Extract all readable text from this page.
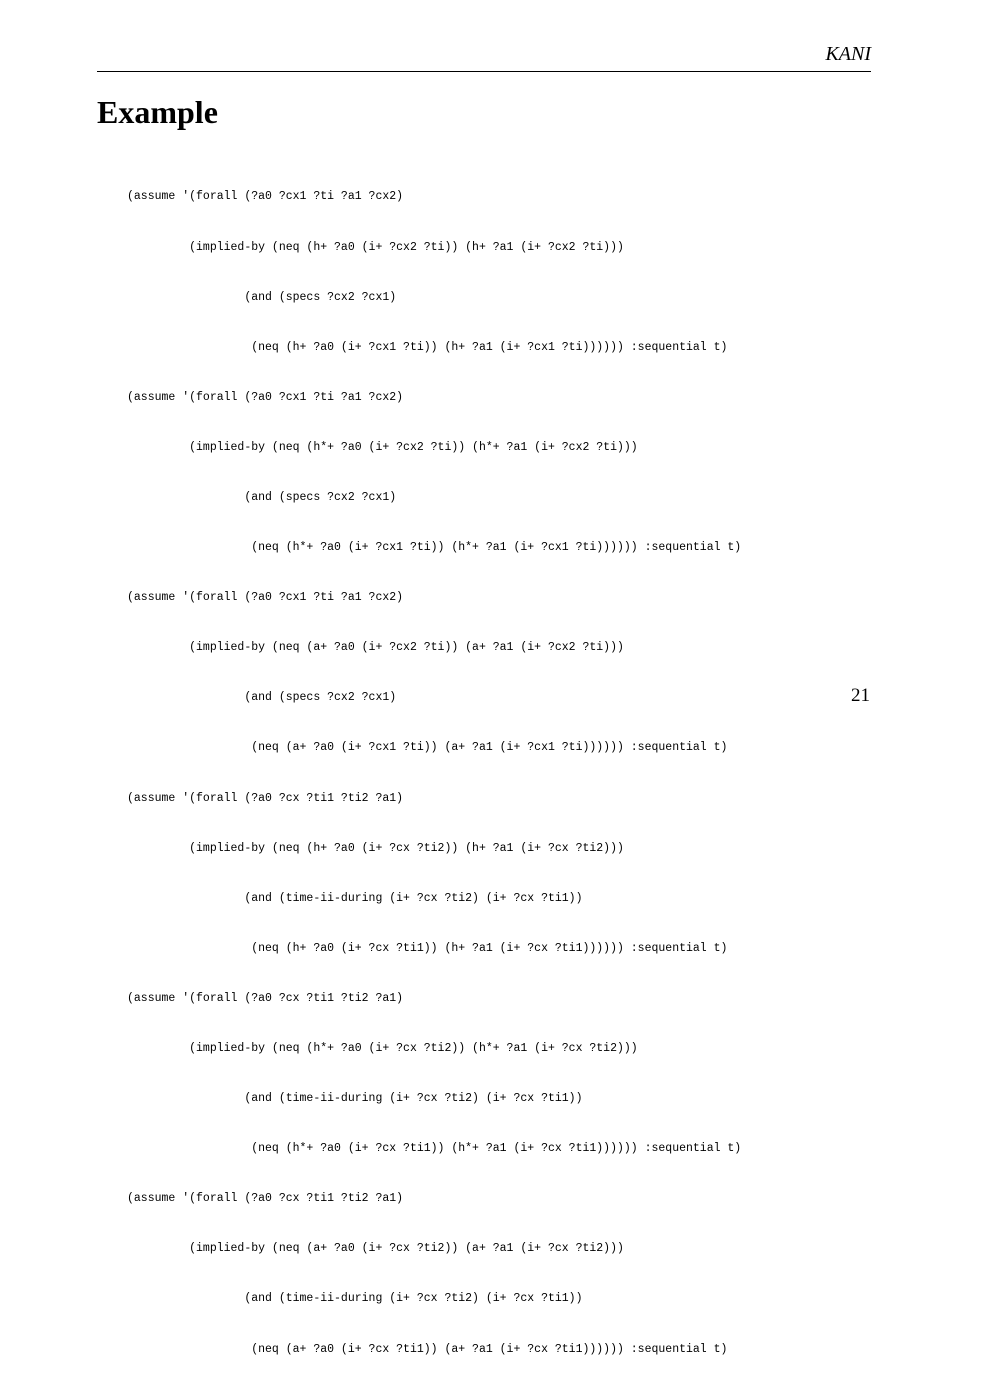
KANI
Example

(assume '(forall (?a0 ?cx1 ?ti ?a1 ?cx2)

(implied-by (neq (h+ ?a0 (i+ ?cx2 ?ti)) (h+ ?a1 (i+ ?cx2 ?ti)))

(and (specs ?cx2 ?cx1)

(neq (h+ ?a0 (i+ ?cx1 ?ti)) (h+ ?a1 (i+ ?cx1 ?ti)))))) :sequential t)

(assume '(forall (?a0 ?cx1 ?ti ?a1 ?cx2)

(implied-by (neq (h*+ ?a0 (i+ ?cx2 ?ti)) (h*+ ?a1 (i+ ?cx2 ?ti)))

(and (specs ?cx2 ?cx1)

(neq (h*+ ?a0 (i+ ?cx1 ?ti)) (h*+ ?a1 (i+ ?cx1 ?ti)))))) :sequential t)

(assume '(forall (?a0 ?cx1 ?ti ?a1 ?cx2)

(implied-by (neq (a+ ?a0 (i+ ?cx2 ?ti)) (a+ ?a1 (i+ ?cx2 ?ti)))

(and (specs ?cx2 ?cx1)

(neq (a+ ?a0 (i+ ?cx1 ?ti)) (a+ ?a1 (i+ ?cx1 ?ti)))))) :sequential t)

(assume '(forall (?a0 ?cx ?ti1 ?ti2 ?a1)

(implied-by (neq (h+ ?a0 (i+ ?cx ?ti2)) (h+ ?a1 (i+ ?cx ?ti2)))

(and (time-ii-during (i+ ?cx ?ti2) (i+ ?cx ?ti1))

(neq (h+ ?a0 (i+ ?cx ?ti1)) (h+ ?a1 (i+ ?cx ?ti1)))))) :sequential t)

(assume '(forall (?a0 ?cx ?ti1 ?ti2 ?a1)

(implied-by (neq (h*+ ?a0 (i+ ?cx ?ti2)) (h*+ ?a1 (i+ ?cx ?ti2)))

(and (time-ii-during (i+ ?cx ?ti2) (i+ ?cx ?ti1))

(neq (h*+ ?a0 (i+ ?cx ?ti1)) (h*+ ?a1 (i+ ?cx ?ti1)))))) :sequential t)

(assume '(forall (?a0 ?cx ?ti1 ?ti2 ?a1)

(implied-by (neq (a+ ?a0 (i+ ?cx ?ti2)) (a+ ?a1 (i+ ?cx ?ti2)))

(and (time-ii-during (i+ ?cx ?ti2) (i+ ?cx ?ti1))

(neq (a+ ?a0 (i+ ?cx ?ti1)) (a+ ?a1 (i+ ?cx ?ti1)))))) :sequential t)

21
